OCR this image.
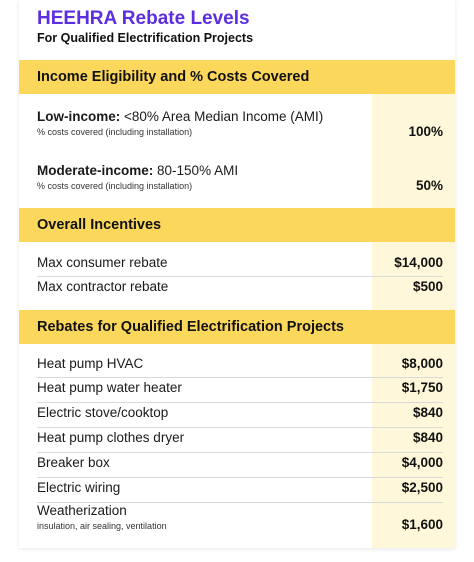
HEEHRA Rebate Levels
For Qualified Electrification Projects
Income Eligibility and % Costs Covered
Low-income: <80% Area Median Income (AMI)
% costs covered (including installation)	100%
Moderate-income: 80-150% AMI
% costs covered (including installation)	50%
Overall Incentives
Max consumer rebate	$14,000
Max contractor rebate	$500
Rebates for Qualified Electrification Projects
Heat pump HVAC	$8,000
Heat pump water heater	$1,750
Electric stove/cooktop	$840
Heat pump clothes dryer	$840
Breaker box	$4,000
Electric wiring	$2,500
Weatherization
insulation, air sealing, ventilation	$1,600
